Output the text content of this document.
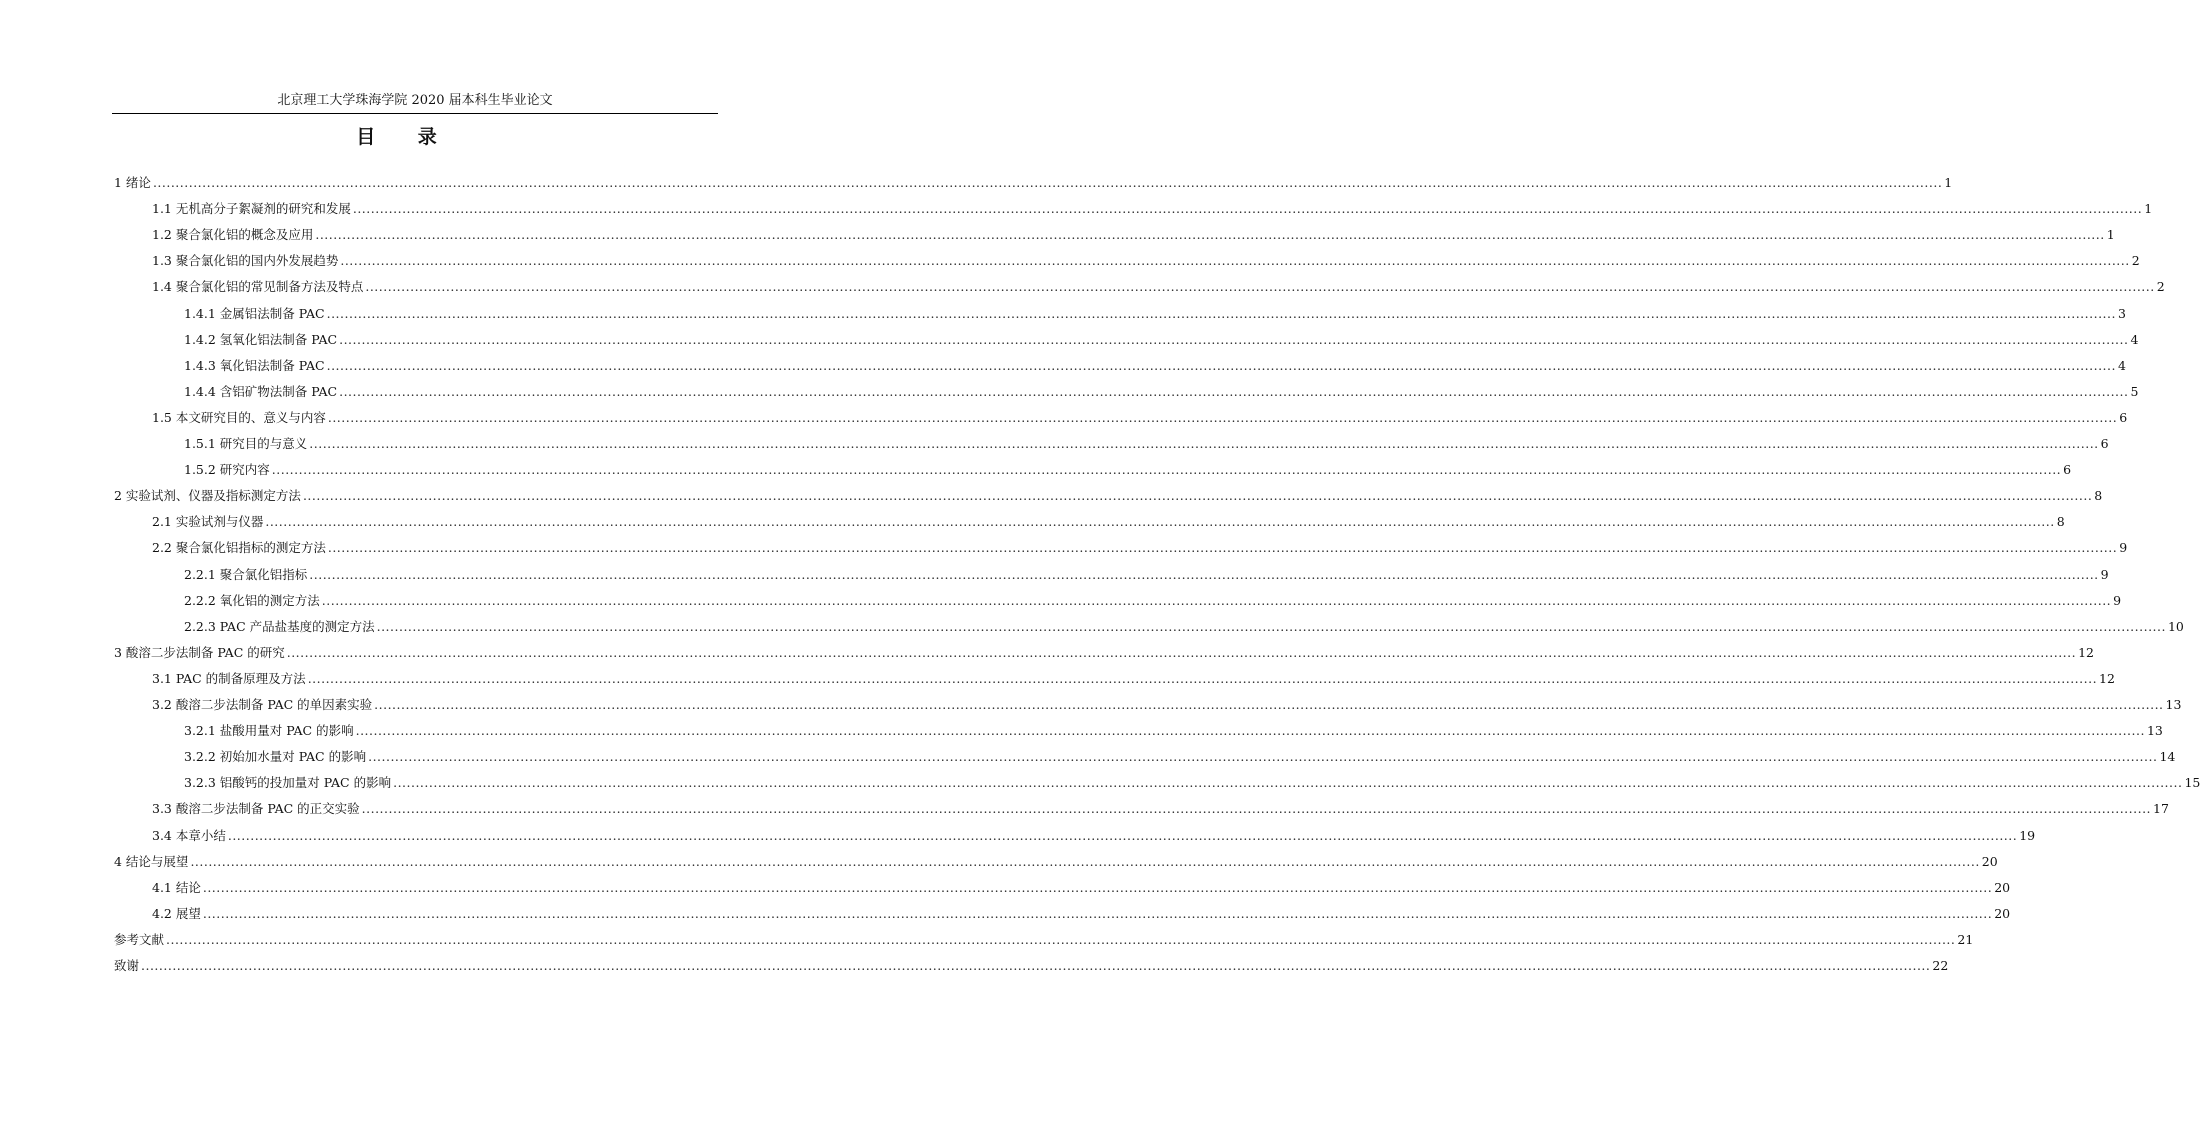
北京理工大学珠海学院 2020 届本科生毕业论文
目 录
1 绪论 ................................................................................................................................................................................................................................................................................................................................................................................................................ 1
1.1 无机高分子絮凝剂的研究和发展 ................................................................................................................................................................................................................................................................................................................................................................................................................ 1
1.2 聚合氯化铝的概念及应用 ................................................................................................................................................................................................................................................................................................................................................................................................................ 1
1.3 聚合氯化铝的国内外发展趋势 ................................................................................................................................................................................................................................................................................................................................................................................................................ 2
1.4 聚合氯化铝的常见制备方法及特点 ................................................................................................................................................................................................................................................................................................................................................................................................................ 2
1.4.1 金属铝法制备 PAC ................................................................................................................................................................................................................................................................................................................................................................................................................ 3
1.4.2 氢氧化铝法制备 PAC ................................................................................................................................................................................................................................................................................................................................................................................................................ 4
1.4.3 氧化铝法制备 PAC ................................................................................................................................................................................................................................................................................................................................................................................................................ 4
1.4.4 含铝矿物法制备 PAC ................................................................................................................................................................................................................................................................................................................................................................................................................ 5
1.5 本文研究目的、意义与内容 ................................................................................................................................................................................................................................................................................................................................................................................................................ 6
1.5.1 研究目的与意义 ................................................................................................................................................................................................................................................................................................................................................................................................................ 6
1.5.2 研究内容 ................................................................................................................................................................................................................................................................................................................................................................................................................ 6
2 实验试剂、仪器及指标测定方法 ................................................................................................................................................................................................................................................................................................................................................................................................................ 8
2.1 实验试剂与仪器 ................................................................................................................................................................................................................................................................................................................................................................................................................ 8
2.2 聚合氯化铝指标的测定方法 ................................................................................................................................................................................................................................................................................................................................................................................................................ 9
2.2.1 聚合氯化铝指标 ................................................................................................................................................................................................................................................................................................................................................................................................................ 9
2.2.2 氧化铝的测定方法 ................................................................................................................................................................................................................................................................................................................................................................................................................ 9
2.2.3 PAC 产品盐基度的测定方法 ................................................................................................................................................................................................................................................................................................................................................................................................................ 10
3 酸溶二步法制备 PAC 的研究 ................................................................................................................................................................................................................................................................................................................................................................................................................ 12
3.1 PAC 的制备原理及方法 ................................................................................................................................................................................................................................................................................................................................................................................................................ 12
3.2 酸溶二步法制备 PAC 的单因素实验 ................................................................................................................................................................................................................................................................................................................................................................................................................ 13
3.2.1 盐酸用量对 PAC 的影响 ................................................................................................................................................................................................................................................................................................................................................................................................................ 13
3.2.2 初始加水量对 PAC 的影响 ................................................................................................................................................................................................................................................................................................................................................................................................................ 14
3.2.3 铝酸钙的投加量对 PAC 的影响 ................................................................................................................................................................................................................................................................................................................................................................................................................ 15
3.3 酸溶二步法制备 PAC 的正交实验 ................................................................................................................................................................................................................................................................................................................................................................................................................ 17
3.4 本章小结 ................................................................................................................................................................................................................................................................................................................................................................................................................ 19
4 结论与展望 ................................................................................................................................................................................................................................................................................................................................................................................................................ 20
4.1 结论 ................................................................................................................................................................................................................................................................................................................................................................................................................ 20
4.2 展望 ................................................................................................................................................................................................................................................................................................................................................................................................................ 20
参考文献 ................................................................................................................................................................................................................................................................................................................................................................................................................ 21
致谢 ................................................................................................................................................................................................................................................................................................................................................................................................................ 22
